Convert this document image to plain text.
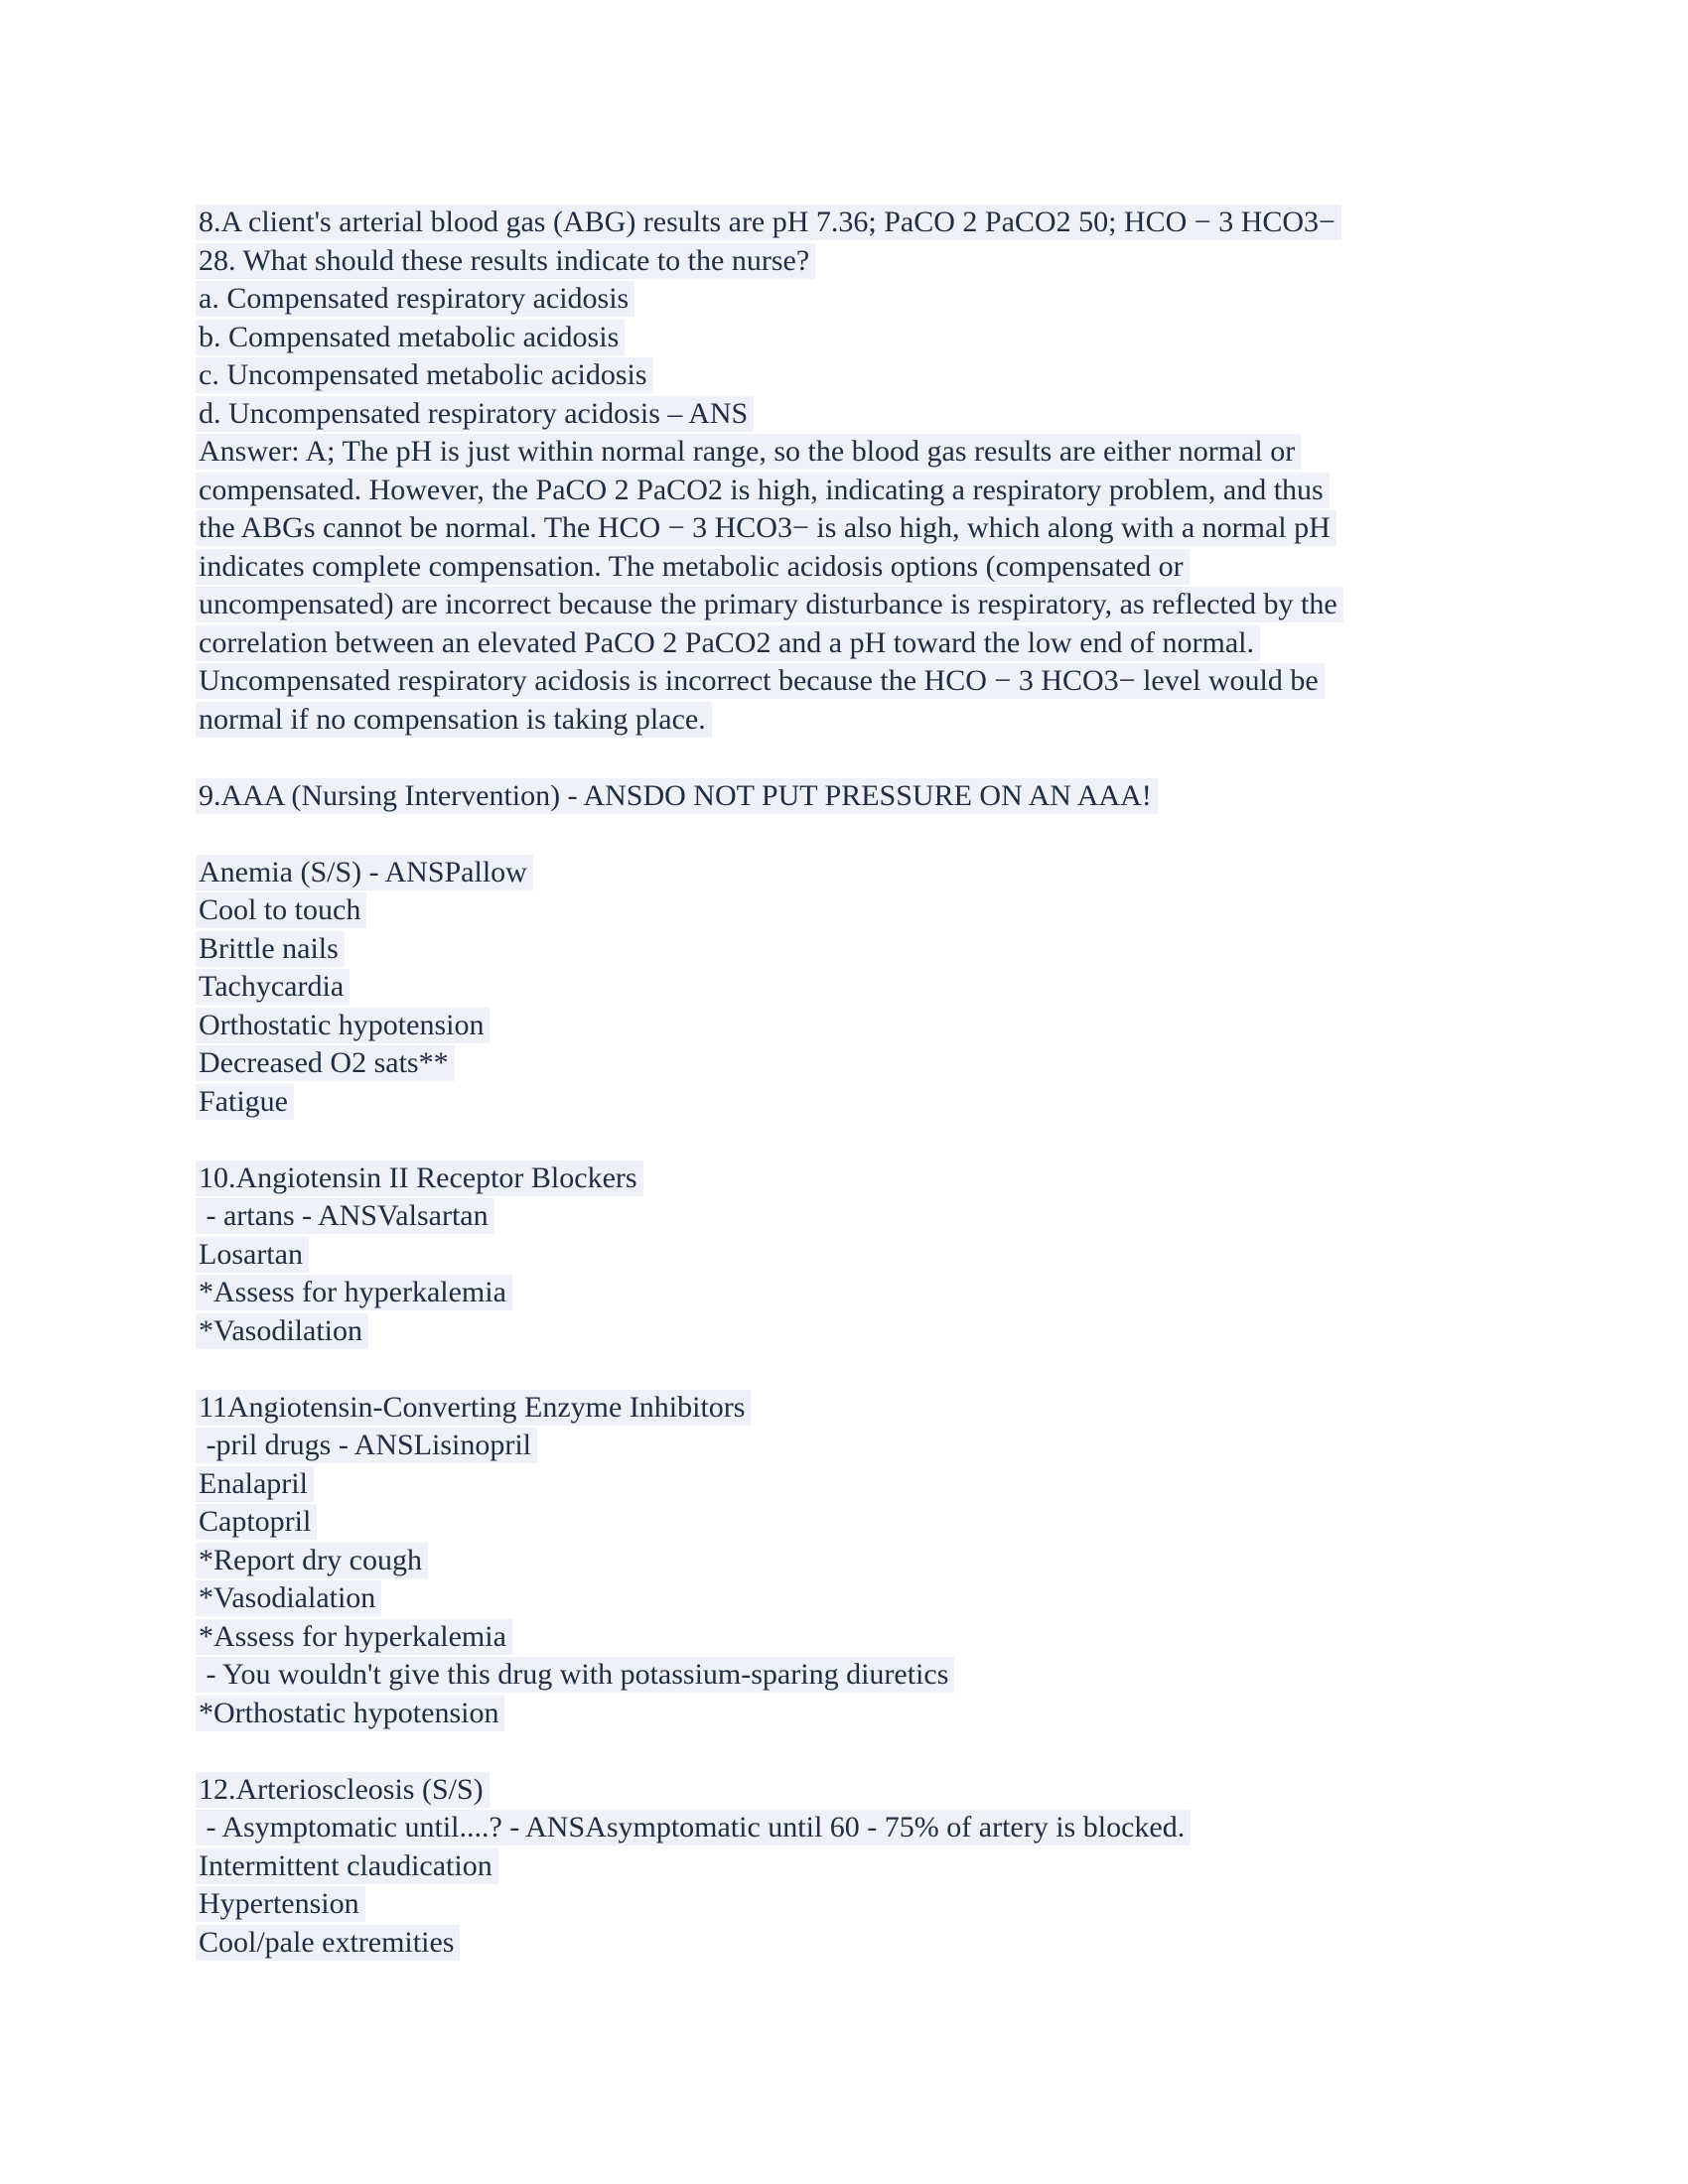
8.A client's arterial blood gas (ABG) results are pH 7.36; PaCO 2 PaCO2 50; HCO − 3 HCO3−
28. What should these results indicate to the nurse?
a. Compensated respiratory acidosis
b. Compensated metabolic acidosis
c. Uncompensated metabolic acidosis
d. Uncompensated respiratory acidosis – ANS
Answer: A; The pH is just within normal range, so the blood gas results are either normal or
compensated. However, the PaCO 2 PaCO2 is high, indicating a respiratory problem, and thus
the ABGs cannot be normal. The HCO − 3 HCO3− is also high, which along with a normal pH
indicates complete compensation. The metabolic acidosis options (compensated or
uncompensated) are incorrect because the primary disturbance is respiratory, as reflected by the
correlation between an elevated PaCO 2 PaCO2 and a pH toward the low end of normal.
Uncompensated respiratory acidosis is incorrect because the HCO − 3 HCO3− level would be
normal if no compensation is taking place.
9.AAA (Nursing Intervention) - ANSDO NOT PUT PRESSURE ON AN AAA!
Anemia (S/S) - ANSPallow
Cool to touch
Brittle nails
Tachycardia
Orthostatic hypotension
Decreased O2 sats**
Fatigue
10.Angiotensin II Receptor Blockers
- artans - ANSValsartan
Losartan
*Assess for hyperkalemia
*Vasodilation
11Angiotensin-Converting Enzyme Inhibitors
-pril drugs - ANSLisinopril
Enalapril
Captopril
*Report dry cough
*Vasodialation
*Assess for hyperkalemia
- You wouldn't give this drug with potassium-sparing diuretics
*Orthostatic hypotension
12.Arterioscleosis (S/S)
- Asymptomatic until....? - ANSAsymptomatic until 60 - 75% of artery is blocked.
Intermittent claudication
Hypertension
Cool/pale extremities
